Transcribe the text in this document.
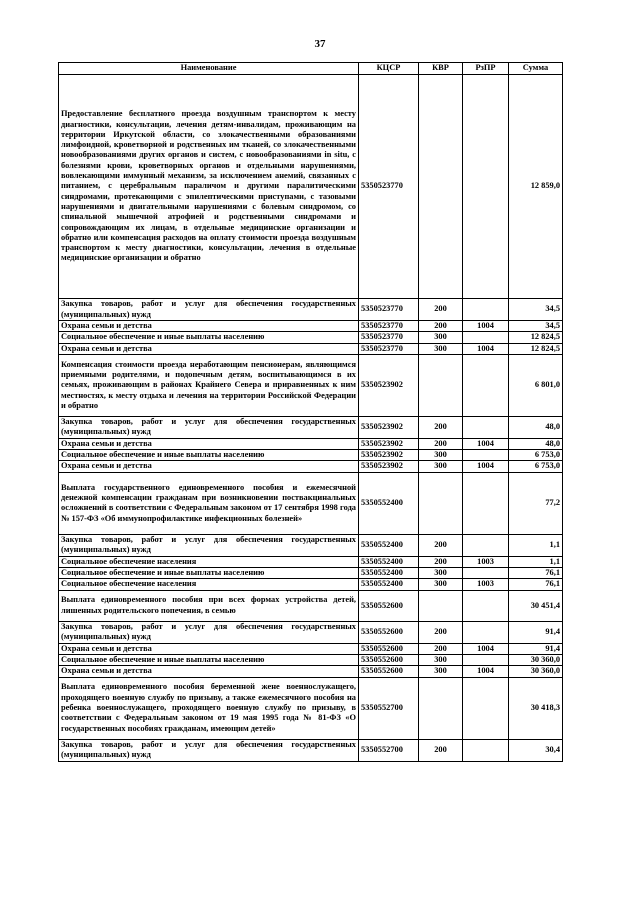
37
Наименование	КЦСР	КВР	РзПР	Сумма
Предоставление бесплатного проезда воздушным транспортом к месту диагностики, консультации, лечения детям-инвалидам, проживающим на территории Иркутской области, со злокачественными образованиями лимфоидной, кроветворной и родственных им тканей, со злокачественными новообразованиями других органов и систем, с новообразованиями in situ, с болезнями крови, кроветворных органов и отдельными нарушениями, вовлекающими иммунный механизм, за исключением анемий, связанных с питанием, с церебральным параличом и другими паралитическими синдромами, протекающими с эпилептическими приступами, с тазовыми нарушениями и двигательными нарушениями с болевым синдромом, со спинальной мышечной атрофией и родственными синдромами и сопровождающим их лицам, в отдельные медицинские организации и обратно или компенсация расходов на оплату стоимости проезда воздушным транспортом к месту диагностики, консультации, лечения в отдельные медицинские организации и обратно	5350523770			12 859,0
Закупка товаров, работ и услуг для обеспечения государственных (муниципальных) нужд	5350523770	200		34,5
Охрана семьи и детства	5350523770	200	1004	34,5
Социальное обеспечение и иные выплаты населению	5350523770	300		12 824,5
Охрана семьи и детства	5350523770	300	1004	12 824,5
Компенсация стоимости проезда неработающим пенсионерам, являющимся приемными родителями, и подопечным детям, воспитывающимся в их семьях, проживающим в районах Крайнего Севера и приравненных к ним местностях, к месту отдыха и лечения на территории Российской Федерации и обратно	5350523902			6 801,0
Закупка товаров, работ и услуг для обеспечения государственных (муниципальных) нужд	5350523902	200		48,0
Охрана семьи и детства	5350523902	200	1004	48,0
Социальное обеспечение и иные выплаты населению	5350523902	300		6 753,0
Охрана семьи и детства	5350523902	300	1004	6 753,0
Выплата государственного единовременного пособия и ежемесячной денежной компенсации гражданам при возникновении поствакцинальных осложнений в соответствии с Федеральным законом от 17 сентября 1998 года № 157-ФЗ «Об иммунопрофилактике инфекционных болезней»	5350552400			77,2
Закупка товаров, работ и услуг для обеспечения государственных (муниципальных) нужд	5350552400	200		1,1
Социальное обеспечение населения	5350552400	200	1003	1,1
Социальное обеспечение и иные выплаты населению	5350552400	300		76,1
Социальное обеспечение населения	5350552400	300	1003	76,1
Выплата единовременного пособия при всех формах устройства детей, лишенных родительского попечения, в семью	5350552600			30 451,4
Закупка товаров, работ и услуг для обеспечения государственных (муниципальных) нужд	5350552600	200		91,4
Охрана семьи и детства	5350552600	200	1004	91,4
Социальное обеспечение и иные выплаты населению	5350552600	300		30 360,0
Охрана семьи и детства	5350552600	300	1004	30 360,0
Выплата единовременного пособия беременной жене военнослужащего, проходящего военную службу по призыву, а также ежемесячного пособия на ребенка военнослужащего, проходящего военную службу по призыву, в соответствии с Федеральным законом от 19 мая 1995 года № 81-ФЗ «О государственных пособиях гражданам, имеющим детей»	5350552700			30 418,3
Закупка товаров, работ и услуг для обеспечения государственных (муниципальных) нужд	5350552700	200		30,4
